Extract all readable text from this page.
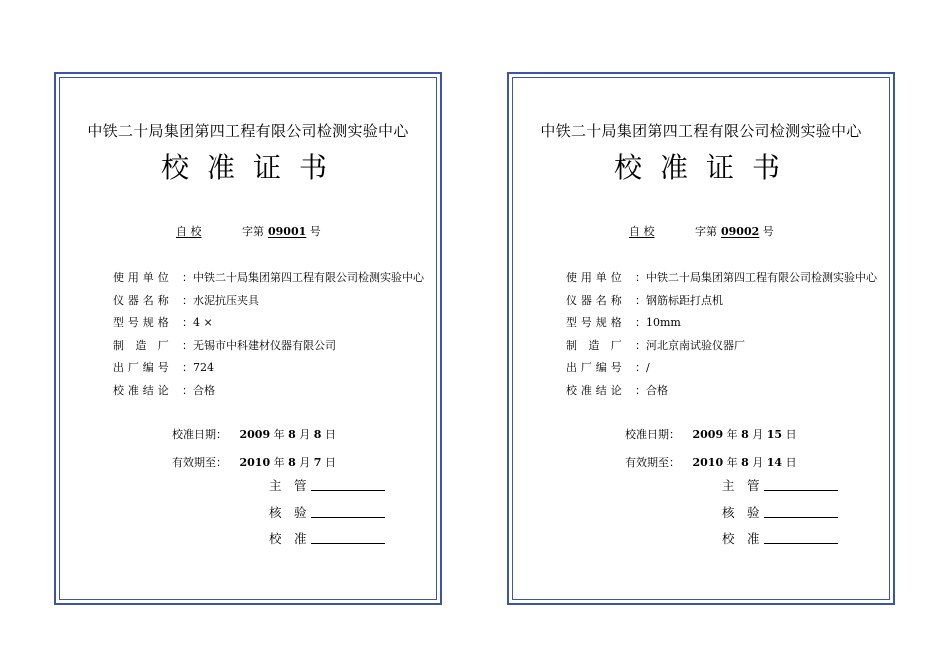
中铁二十局集团第四工程有限公司检测实验中心
校准证书
自 校	字第 09001 号
使 用 单 位 ：中铁二十局集团第四工程有限公司检测实验中心
仪 器 名 称 ：水泥抗压夹具
型 号 规 格 ：4 ×
制　造　厂 ：无锡市中科建材仪器有限公司
出 厂 编 号 ：724
校 准 结 论 ：合格
校准日期： 2009 年 8 月 8 日
有效期至： 2010 年 8 月 7 日
主　管
核　验
校　准
中铁二十局集团第四工程有限公司检测实验中心
校准证书
自 校	字第 09002 号
使 用 单 位 ：中铁二十局集团第四工程有限公司检测实验中心
仪 器 名 称 ：钢筋标距打点机
型 号 规 格 ：10mm
制　造　厂 ：河北京南试验仪器厂
出 厂 编 号 ：/
校 准 结 论 ：合格
校准日期： 2009 年 8 月 15 日
有效期至： 2010 年 8 月 14 日
主　管
核　验
校　准
